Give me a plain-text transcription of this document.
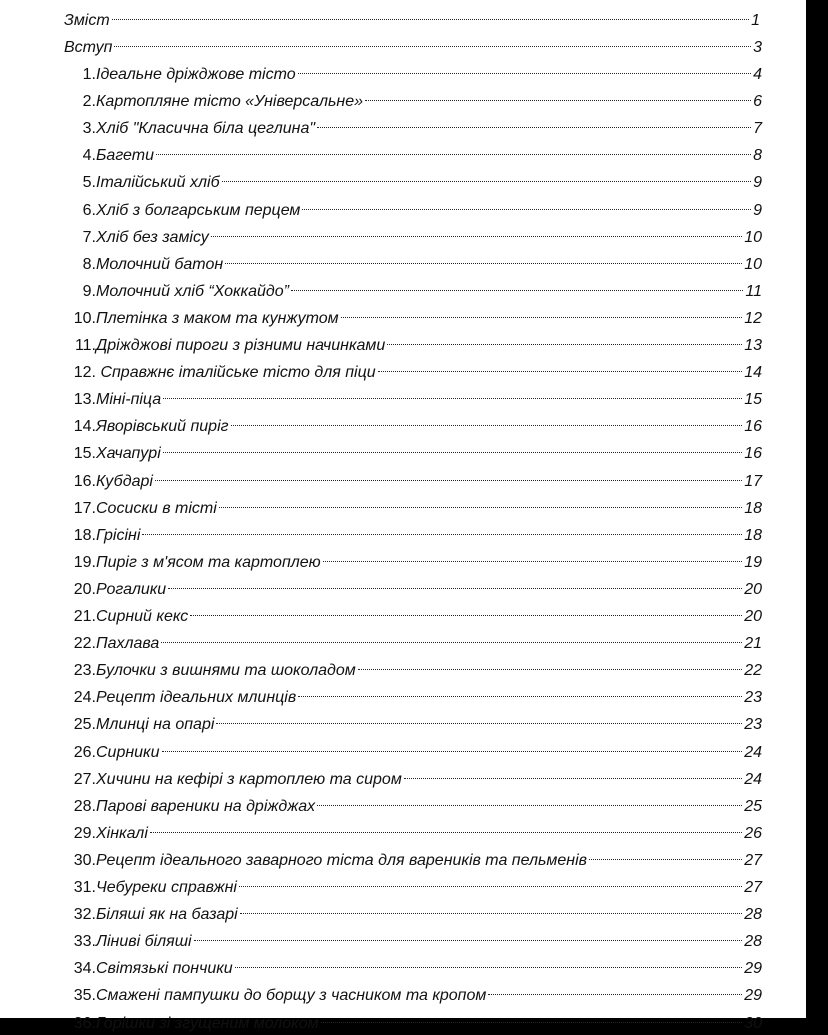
Зміст	1
Вступ	3
1. Ідеальне дріжджове тісто	4
2. Картопляне тісто «Універсальне»	6
3. Хліб "Класична біла цеглина"	7
4. Багети	8
5. Італійський хліб	9
6. Хліб з болгарським перцем	9
7. Хліб без замісу	10
8. Молочний батон	10
9. Молочний хліб “Хоккайдо”	11
10. Плетінка з маком та кунжутом	12
11. Дріжджові пироги з різними начинками	13
12. Справжнє італійське тісто для піци	14
13. Міні-піца	15
14. Яворівський пиріг	16
15. Хачапурі	16
16. Кубдарі	17
17. Сосиски в тісті	18
18. Грісіні	18
19. Пиріг з м'ясом та картоплею	19
20. Рогалики	20
21. Сирний кекс	20
22. Пахлава	21
23. Булочки з вишнями та шоколадом	22
24. Рецепт ідеальних млинців	23
25. Млинці на опарі	23
26. Сирники	24
27. Хичини на кефірі з картоплею та сиром	24
28. Парові вареники на дріжджах	25
29. Хінкалі	26
30. Рецепт ідеального заварного тіста для вареників та пельменів	27
31. Чебуреки справжні	27
32. Біляші як на базарі	28
33. Ліниві біляші	28
34. Світязькі пончики	29
35. Смажені пампушки до борщу з часником та кропом	29
36. Горішки зі згущеним молоком	30
